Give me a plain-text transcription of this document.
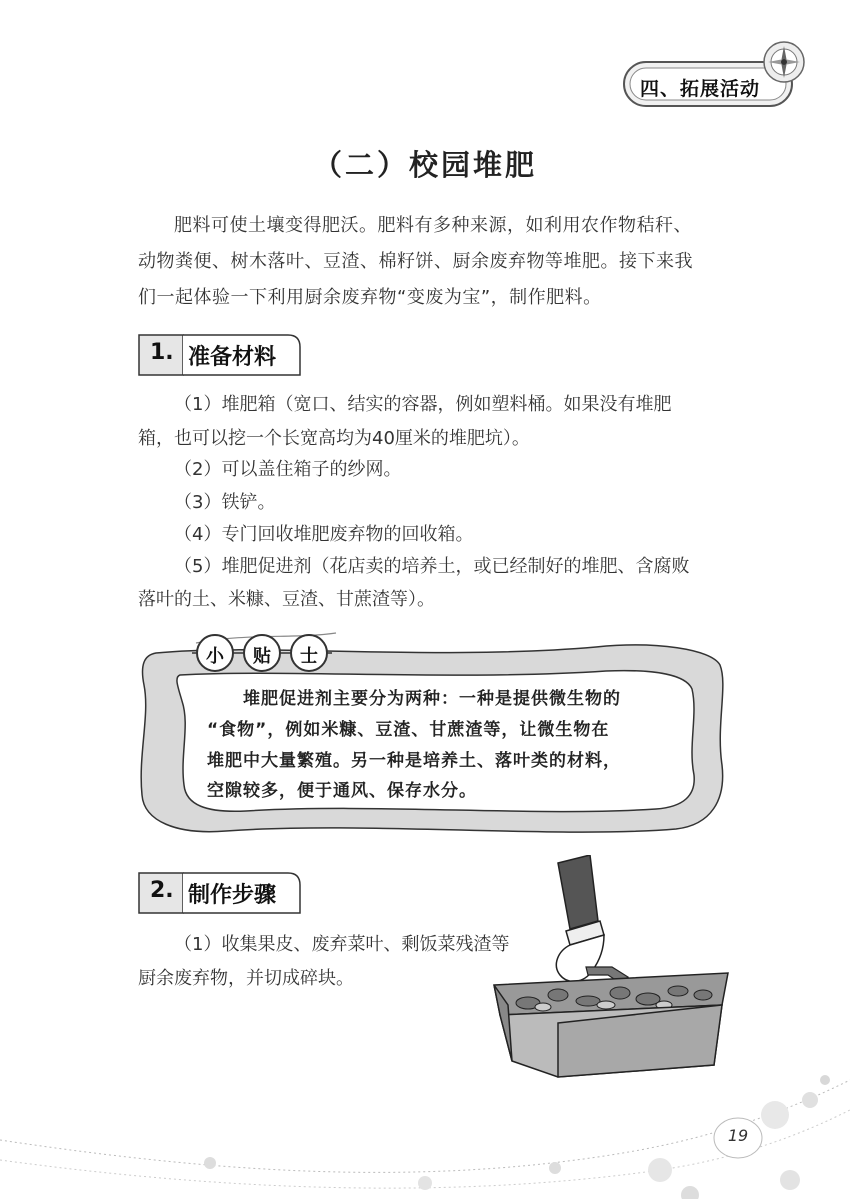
四、拓展活动
（二）校园堆肥
肥料可使土壤变得肥沃。肥料有多种来源，如利用农作物秸秆、
动物粪便、树木落叶、豆渣、棉籽饼、厨余废弃物等堆肥。接下来我
们一起体验一下利用厨余废弃物“变废为宝”，制作肥料。
1. 准备材料
（1）堆肥箱（宽口、结实的容器，例如塑料桶。如果没有堆肥
箱，也可以挖一个长宽高均为40厘米的堆肥坑）。
（2）可以盖住箱子的纱网。
（3）铁铲。
（4）专门回收堆肥废弃物的回收箱。
（5）堆肥促进剂（花店卖的培养土，或已经制好的堆肥、含腐败
落叶的土、米糠、豆渣、甘蔗渣等）。
小	贴	士
堆肥促进剂主要分为两种：一种是提供微生物的
“食物”，例如米糠、豆渣、甘蔗渣等，让微生物在
堆肥中大量繁殖。另一种是培养土、落叶类的材料，
空隙较多，便于通风、保存水分。
2. 制作步骤
（1）收集果皮、废弃菜叶、剩饭菜残渣等
厨余废弃物，并切成碎块。
19
